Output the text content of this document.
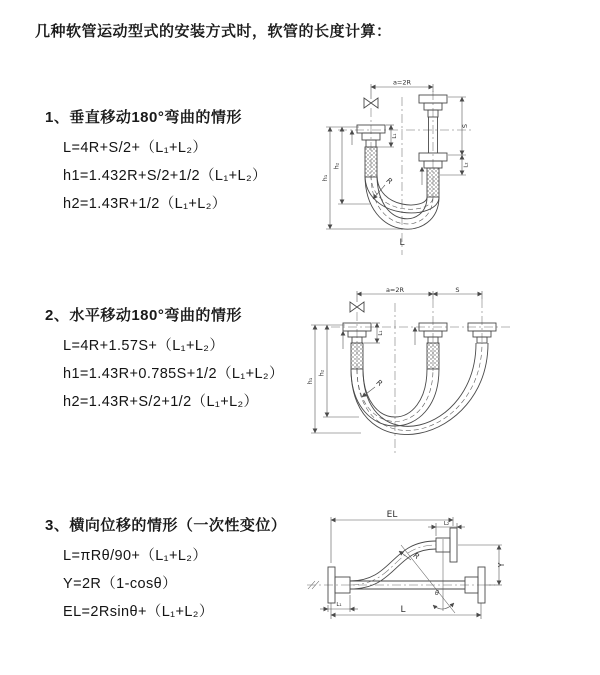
几种软管运动型式的安装方式时，软管的长度计算：
1、垂直移动180°弯曲的情形
L=4R+S/2+（L₁+L₂）
h1=1.432R+S/2+1/2（L₁+L₂）
h2=1.43R+1/2（L₁+L₂）
2、水平移动180°弯曲的情形
L=4R+1.57S+（L₁+L₂）
h1=1.43R+0.785S+1/2（L₁+L₂）
h2=1.43R+S/2+1/2（L₁+L₂）
3、横向位移的情形（一次性变位）
L=πRθ/90+（L₁+L₂）
Y=2R（1-cosθ）
EL=2Rsinθ+（L₁+L₂）
a=2R
h₁
h₂
L₁
S
L₂
R
L
a=2R	S
h₁
h₂
L₁
R
EL
L₂
L
L₁
Y
R
θ
